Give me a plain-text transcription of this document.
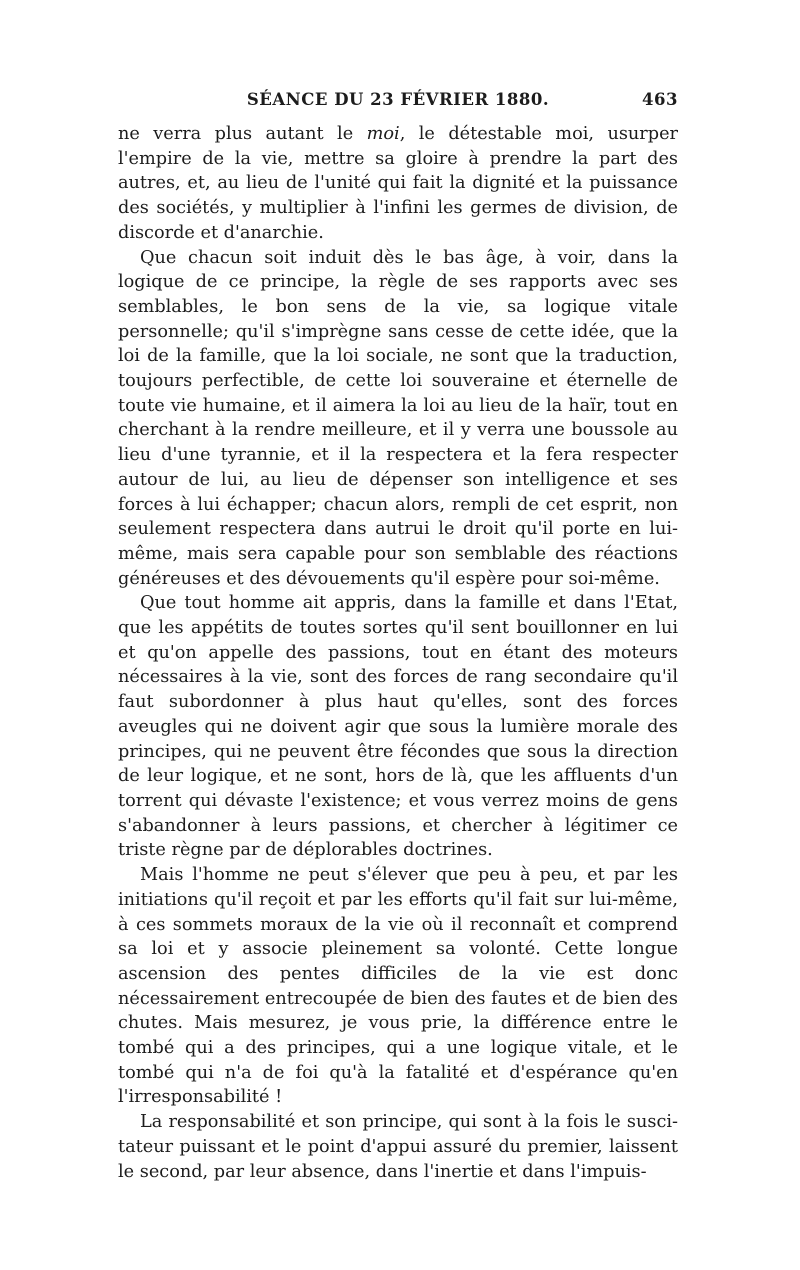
SÉANCE DU 23 FÉVRIER 1880.	463

ne verra plus autant le moi, le détestable moi, usurper l'empire de la vie, mettre sa gloire à prendre la part des autres, et, au lieu de l'unité qui fait la dignité et la puissance des sociétés, y multiplier à l'infini les germes de division, de discorde et d'anarchie.

Que chacun soit induit dès le bas âge, à voir, dans la logique de ce principe, la règle de ses rapports avec ses semblables, le bon sens de la vie, sa logique vitale personnelle; qu'il s'imprègne sans cesse de cette idée, que la loi de la famille, que la loi sociale, ne sont que la traduction, toujours perfectible, de cette loi souveraine et éternelle de toute vie humaine, et il aimera la loi au lieu de la haïr, tout en cherchant à la rendre meilleure, et il y verra une boussole au lieu d'une tyrannie, et il la respectera et la fera respecter autour de lui, au lieu de dépenser son intelligence et ses forces à lui échapper; chacun alors, rempli de cet esprit, non seulement respectera dans autrui le droit qu'il porte en lui-même, mais sera capable pour son semblable des réactions généreuses et des dévouements qu'il espère pour soi-même.

Que tout homme ait appris, dans la famille et dans l'Etat, que les appétits de toutes sortes qu'il sent bouillonner en lui et qu'on appelle des passions, tout en étant des moteurs nécessaires à la vie, sont des forces de rang secondaire qu'il faut subordonner à plus haut qu'elles, sont des forces aveugles qui ne doivent agir que sous la lumière morale des principes, qui ne peuvent être fécondes que sous la direction de leur logique, et ne sont, hors de là, que les affluents d'un torrent qui dévaste l'existence; et vous verrez moins de gens s'abandonner à leurs passions, et chercher à légitimer ce triste règne par de déplorables doctrines.

Mais l'homme ne peut s'élever que peu à peu, et par les initiations qu'il reçoit et par les efforts qu'il fait sur lui-même, à ces sommets moraux de la vie où il reconnaît et comprend sa loi et y associe pleinement sa volonté. Cette longue ascension des pentes difficiles de la vie est donc nécessairement entrecoupée de bien des fautes et de bien des chutes. Mais mesurez, je vous prie, la différence entre le tombé qui a des principes, qui a une logique vitale, et le tombé qui n'a de foi qu'à la fatalité et d'espérance qu'en l'irresponsabilité !

La responsabilité et son principe, qui sont à la fois le suscitateur puissant et le point d'appui assuré du premier, laissent le second, par leur absence, dans l'inertie et dans l'impuis-
